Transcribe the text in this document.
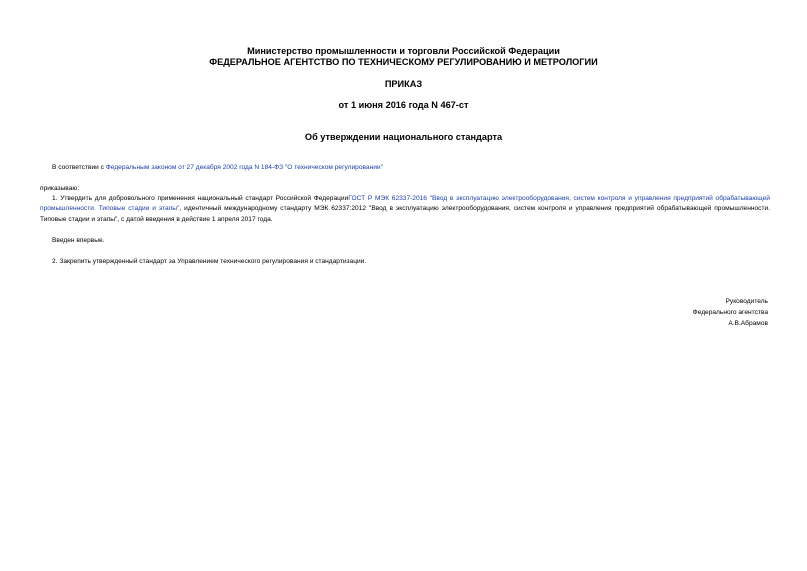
Министерство промышленности и торговли Российской Федерации
ФЕДЕРАЛЬНОЕ АГЕНТСТВО ПО ТЕХНИЧЕСКОМУ РЕГУЛИРОВАНИЮ И МЕТРОЛОГИИ
ПРИКАЗ
от 1 июня 2016 года N 467-ст
Об утверждении национального стандарта
В соответствии с Федеральным законом от 27 декабря 2002 года N 184-ФЗ "О техническом регулировании"
приказываю:
1. Утвердить для добровольного применения национальный стандарт Российской ФедерацииГОСТ Р МЭК 62337-2016 "Ввод в эксплуатацию электрооборудования, систем контроля и управления предприятий обрабатывающей промышленности. Типовые стадии и этапы", идентичный международному стандарту МЭК 62337:2012 "Ввод в эксплуатацию электрооборудования, систем контроля и управления предприятий обрабатывающей промышленности. Типовые стадии и этапы", с датой введения в действие 1 апреля 2017 года.
Введен впервые.
2. Закрепить утвержденный стандарт за Управлением технического регулирования и стандартизации.
Руководитель
Федерального агентства
А.В.Абрамов
